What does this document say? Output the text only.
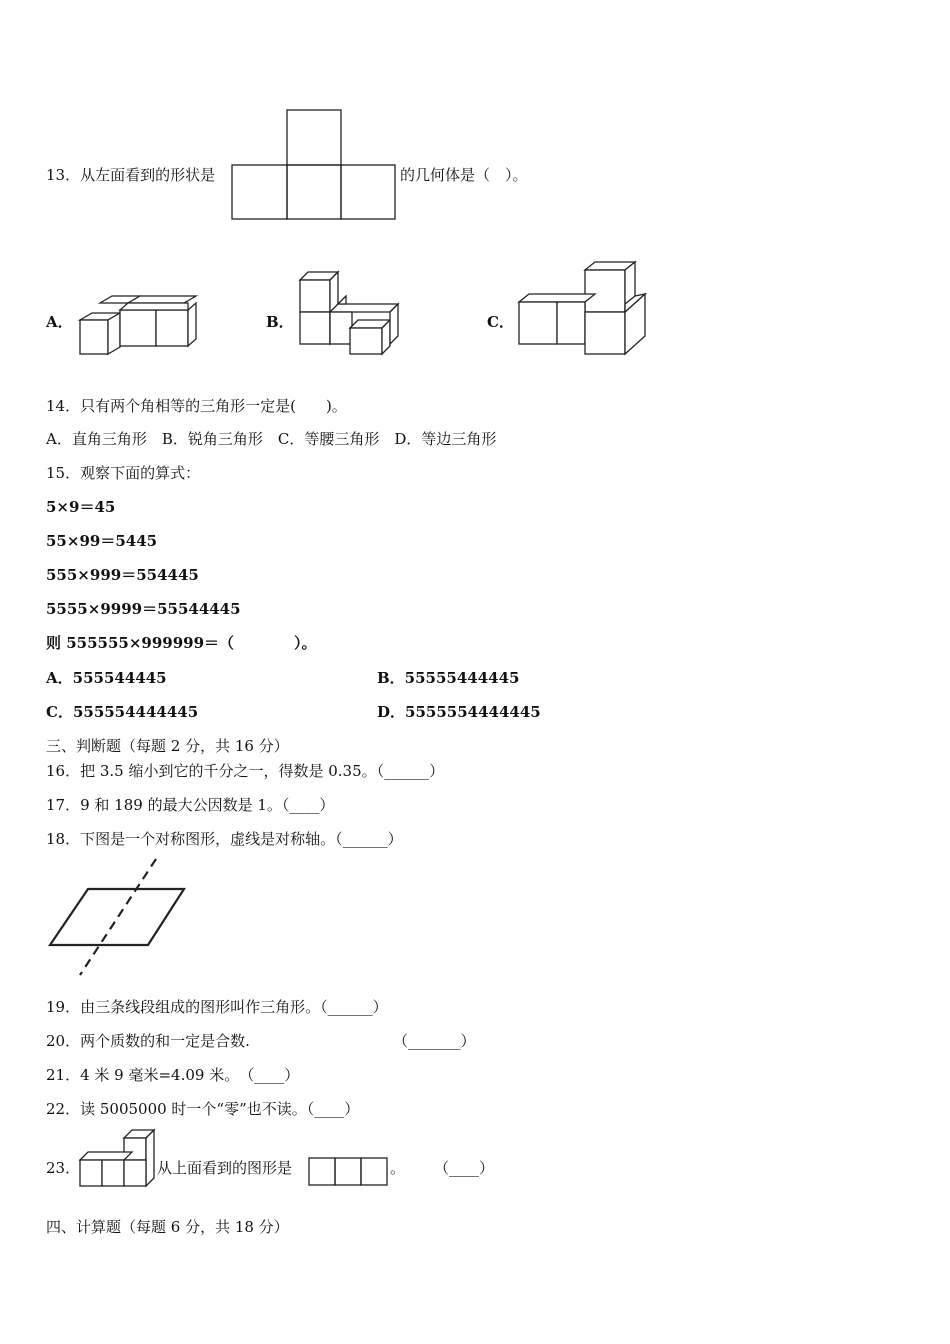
13．从左面看到的形状是	的几何体是（　）。
A．	B．	C．
14．只有两个角相等的三角形一定是(　　)。
A．直角三角形　B．锐角三角形　C．等腰三角形　D．等边三角形
15．观察下面的算式：
5×9＝45
55×99＝5445
555×999＝554445
5555×9999＝55544445
则 555555×999999＝（　　　　）。
A．555544445	B．55555444445
C．555554444445	D．5555554444445
三、判断题（每题 2 分，共 16 分）
16．把 3.5 缩小到它的千分之一，得数是 0.35。（______）
17．9 和 189 的最大公因数是 1。（____）
18．下图是一个对称图形，虚线是对称轴。（______）
19．由三条线段组成的图形叫作三角形。（______）
20．两个质数的和一定是合数.	（_______）
21．4 米 9 毫米=4.09 米。　（____）
22．读 5005000 时一个“零”也不读。（____）
23．	从上面看到的图形是	。 （____）
四、计算题（每题 6 分，共 18 分）
